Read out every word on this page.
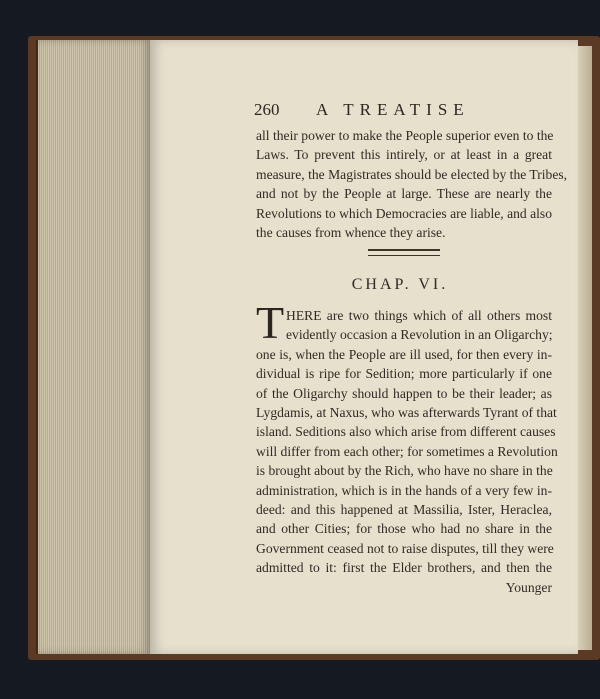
260 A TREATISE
all their power to make the People superior even to the
Laws. To prevent this intirely, or at least in a great
measure, the Magistrates should be elected by the Tribes,
and not by the People at large. These are nearly the
Revolutions to which Democracies are liable, and also
the causes from whence they arise.
CHAP. VI.
T HERE are two things which of all others most
evidently occasion a Revolution in an Oligarchy;
one is, when the People are ill used, for then every in-
dividual is ripe for Sedition; more particularly if one
of the Oligarchy should happen to be their leader; as
Lygdamis, at Naxus, who was afterwards Tyrant of that
island. Seditions also which arise from different causes
will differ from each other; for sometimes a Revolution
is brought about by the Rich, who have no share in the
administration, which is in the hands of a very few in-
deed: and this happened at Massilia, Ister, Heraclea,
and other Cities; for those who had no share in the
Government ceased not to raise disputes, till they were
admitted to it: first the Elder brothers, and then the
Younger
